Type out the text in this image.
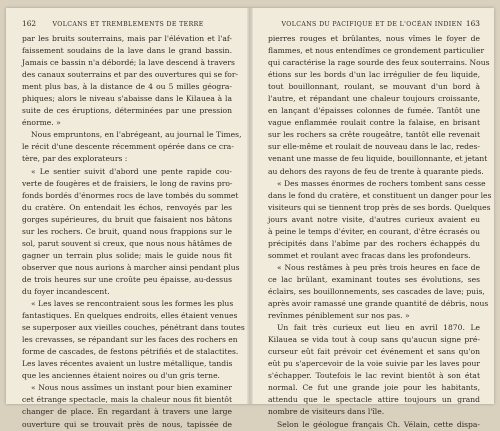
162	VOLCANS ET TREMBLEMENTS DE TERRE
par les bruits souterrains, mais par l'élévation et l'af-
faissement soudains de la lave dans le grand bassin.
Jamais ce bassin n'a débordé; la lave descend à travers
des canaux souterrains et par des ouvertures qui se for-
ment plus bas, à la distance de 4 ou 5 milles géogra-
phiques; alors le niveau s'abaisse dans le Kilauea à la
suite de ces éruptions, déterminées par une pression
énorme. »
Nous empruntons, en l'abrégeant, au journal le Times,
le récit d'une descente récemment opérée dans ce cra-
tère, par des explorateurs :
« Le sentier suivit d'abord une pente rapide cou-
verte de fougères et de fraisiers, le long de ravins pro-
fonds bordés d'énormes rocs de lave tombés du sommet
du cratère. On entendait les échos, renvoyés par les
gorges supérieures, du bruit que faisaient nos bâtons
sur les rochers. Ce bruit, quand nous frappions sur le
sol, parut souvent si creux, que nous nous hâtâmes de
gagner un terrain plus solide; mais le guide nous fit
observer que nous aurions à marcher ainsi pendant plus
de trois heures sur une croûte peu épaisse, au-dessus
du foyer incandescent.
« Les laves se rencontraient sous les formes les plus
fantastiques. En quelques endroits, elles étaient venues
se superposer aux vieilles couches, pénétrant dans toutes
les crevasses, se répandant sur les faces des rochers en
forme de cascades, de festons pétrifiés et de stalactites.
Les laves récentes avaient un lustre métallique, tandis
que les anciennes étaient noires ou d'un gris terne.
« Nous nous assîmes un instant pour bien examiner
cet étrange spectacle, mais la chaleur nous fit bientôt
changer de place. En regardant à travers une large
ouverture qui se trouvait près de nous, tapissée de
VOLCANS DU PACIFIQUE ET DE L'OCÉAN INDIEN 163
pierres rouges et brûlantes, nous vîmes le foyer de
flammes, et nous entendîmes ce grondement particulier
qui caractérise la rage sourde des feux souterrains. Nous
étions sur les bords d'un lac irrégulier de feu liquide,
tout bouillonnant, roulant, se mouvant d'un bord à
l'autre, et répandant une chaleur toujours croissante,
en lançant d'épaisses colonnes de fumée. Tantôt une
vague enflammée roulait contre la falaise, en brisant
sur les rochers sa crête rougeâtre, tantôt elle revenait
sur elle-même et roulait de nouveau dans le lac, redes-
venant une masse de feu liquide, bouillonnante, et jetant
au dehors des rayons de feu de trente à quarante pieds.
« Des masses énormes de rochers tombent sans cesse
dans le fond du cratère, et constituent un danger pour les
visiteurs qui se tiennent trop près de ses bords. Quelques
jours avant notre visite, d'autres curieux avaient eu
à peine le temps d'éviter, en courant, d'être écrasés ou
précipités dans l'abîme par des rochers échappés du
sommet et roulant avec fracas dans les profondeurs.
« Nous restâmes à peu près trois heures en face de
ce lac brûlant, examinant toutes ses évolutions, ses
éclairs, ses bouillonnements, ses cascades de lave; puis,
après avoir ramassé une grande quantité de débris, nous
revînmes péniblement sur nos pas. »
Un fait très curieux eut lieu en avril 1870. Le
Kilauea se vida tout à coup sans qu'aucun signe pré-
curseur eût fait prévoir cet événement et sans qu'on
eût pu s'apercevoir de la voie suivie par les laves pour
s'échapper. Toutefois le lac revint bientôt à son état
normal. Ce fut une grande joie pour les habitants,
attendu que le spectacle attire toujours un grand
nombre de visiteurs dans l'île.
Selon le géologue français Ch. Vélain, cette dispa-
